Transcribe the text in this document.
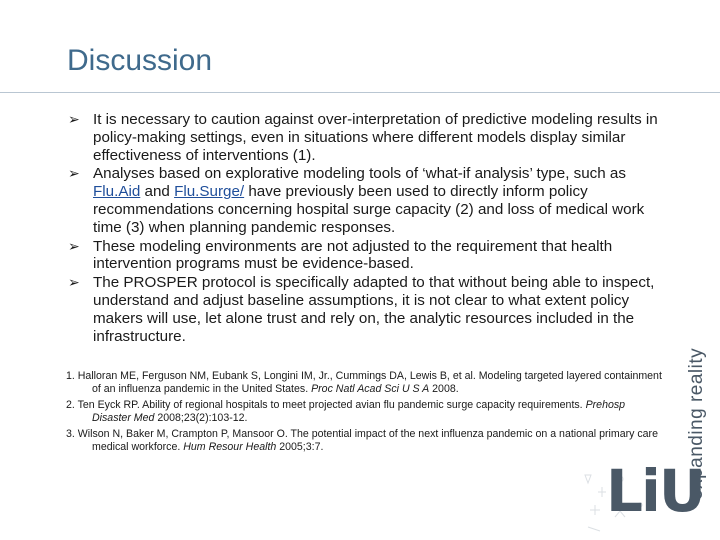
Discussion
➢ It is necessary to caution against over-interpretation of predictive modeling results in policy-making settings, even in situations where different models display similar effectiveness of interventions (1).
➢ Analyses based on explorative modeling tools of ‘what-if analysis’ type, such as Flu.Aid and Flu.Surge/ have previously been used to directly inform policy recommendations concerning hospital surge capacity (2) and loss of medical work time (3) when planning pandemic responses.
➢ These modeling environments are not adjusted to the requirement that health intervention programs must be evidence-based.
➢ The PROSPER protocol is specifically adapted to that without being able to inspect, understand and adjust baseline assumptions, it is not clear to what extent policy makers will use, let alone trust and rely on, the analytic resources included in the infrastructure.
1. Halloran ME, Ferguson NM, Eubank S, Longini IM, Jr., Cummings DA, Lewis B, et al. Modeling targeted layered containment of an influenza pandemic in the United States. Proc Natl Acad Sci U S A 2008.
2. Ten Eyck RP. Ability of regional hospitals to meet projected avian flu pandemic surge capacity requirements. Prehosp Disaster Med 2008;23(2):103-12.
3. Wilson N, Baker M, Crampton P, Mansoor O. The potential impact of the next influenza pandemic on a national primary care medical workforce. Hum Resour Health 2005;3:7.	expanding reality
LiU
